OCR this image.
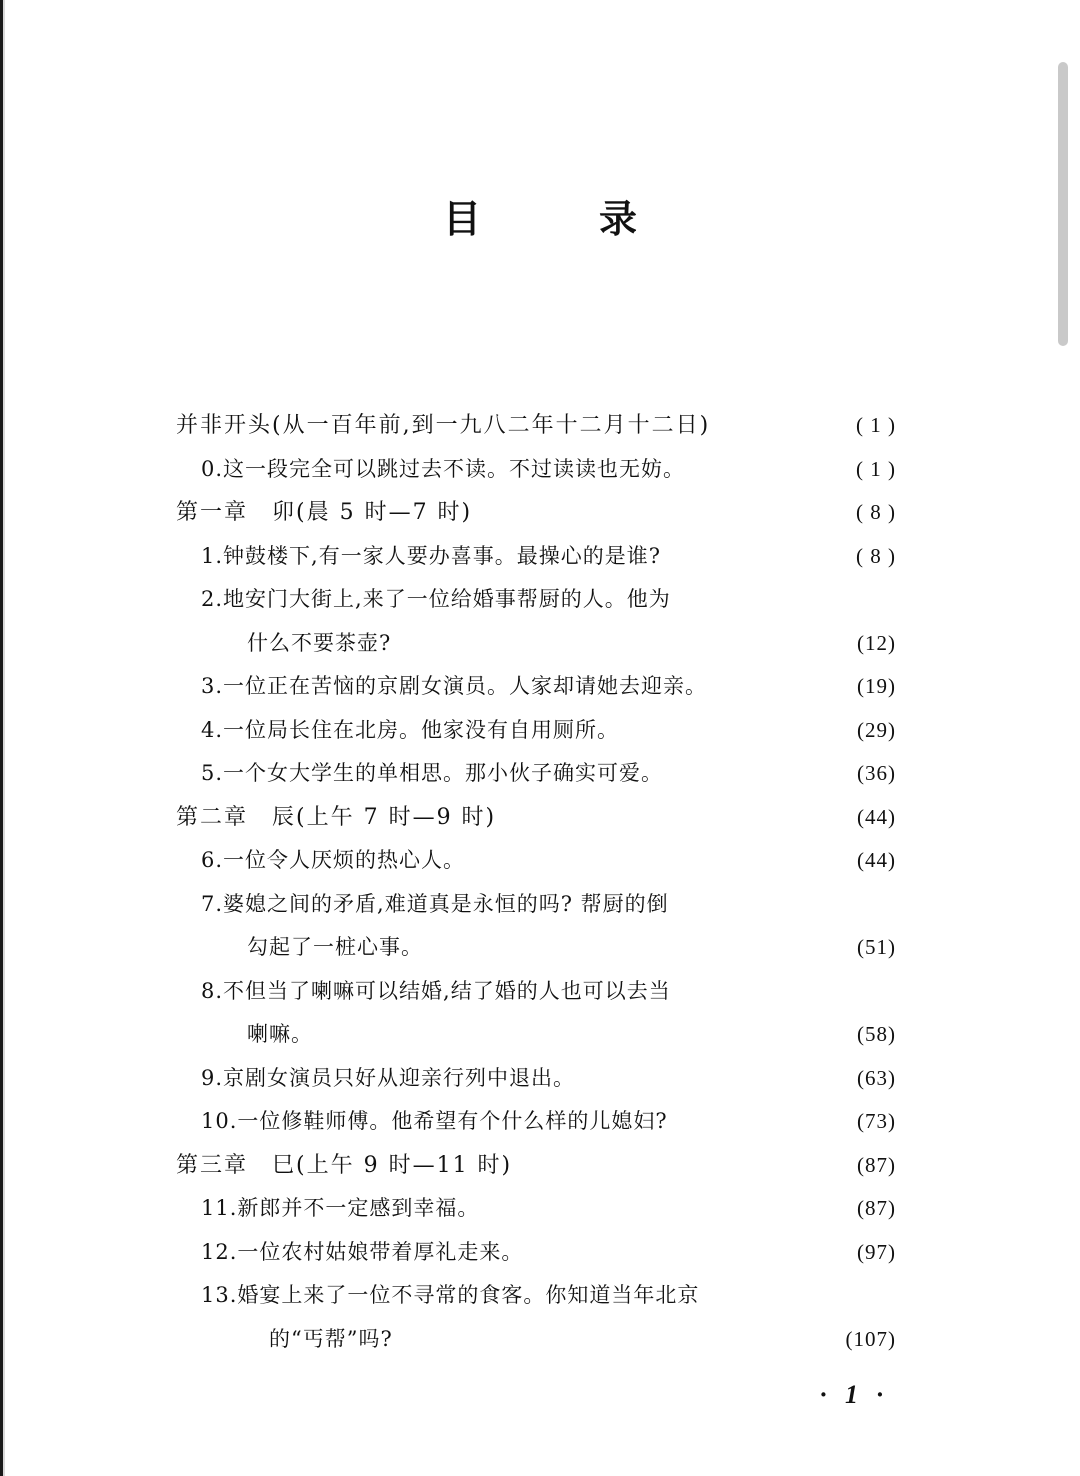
目	录
并非开头(从一百年前,到一九八二年十二月十二日)	( 1 )
0.这一段完全可以跳过去不读。不过读读也无妨。	( 1 )
第一章　卯(晨 5 时—7 时)	( 8 )
1.钟鼓楼下,有一家人要办喜事。最操心的是谁?	( 8 )
2.地安门大街上,来了一位给婚事帮厨的人。他为
什么不要茶壶?	(12)
3.一位正在苦恼的京剧女演员。人家却请她去迎亲。	(19)
4.一位局长住在北房。他家没有自用厕所。	(29)
5.一个女大学生的单相思。那小伙子确实可爱。	(36)
第二章　辰(上午 7 时—9 时)	(44)
6.一位令人厌烦的热心人。	(44)
7.婆媳之间的矛盾,难道真是永恒的吗? 帮厨的倒
勾起了一桩心事。	(51)
8.不但当了喇嘛可以结婚,结了婚的人也可以去当
喇嘛。	(58)
9.京剧女演员只好从迎亲行列中退出。	(63)
10.一位修鞋师傅。他希望有个什么样的儿媳妇?	(73)
第三章　巳(上午 9 时—11 时)	(87)
11.新郎并不一定感到幸福。	(87)
12.一位农村姑娘带着厚礼走来。	(97)
13.婚宴上来了一位不寻常的食客。你知道当年北京
的“丐帮”吗?	(107)
· 1 ·
